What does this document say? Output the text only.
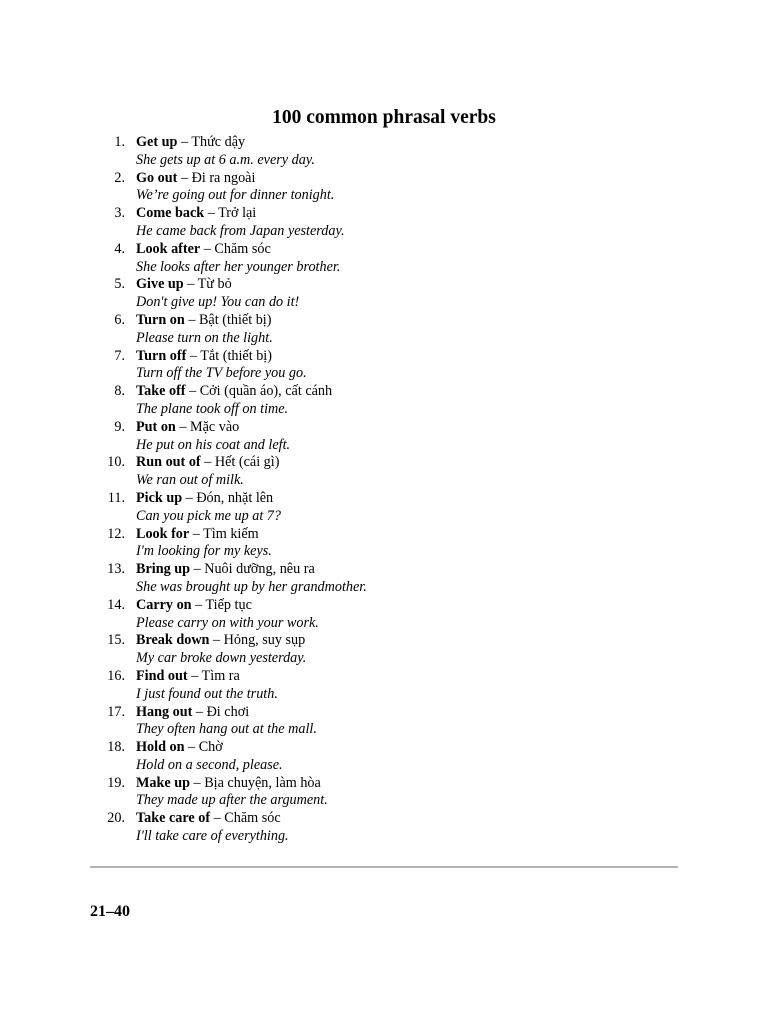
100 common phrasal verbs
1. Get up – Thức dậy
She gets up at 6 a.m. every day.
2. Go out – Đi ra ngoài
We’re going out for dinner tonight.
3. Come back – Trở lại
He came back from Japan yesterday.
4. Look after – Chăm sóc
She looks after her younger brother.
5. Give up – Từ bỏ
Don't give up! You can do it!
6. Turn on – Bật (thiết bị)
Please turn on the light.
7. Turn off – Tắt (thiết bị)
Turn off the TV before you go.
8. Take off – Cởi (quần áo), cất cánh
The plane took off on time.
9. Put on – Mặc vào
He put on his coat and left.
10. Run out of – Hết (cái gì)
We ran out of milk.
11. Pick up – Đón, nhặt lên
Can you pick me up at 7?
12. Look for – Tìm kiếm
I'm looking for my keys.
13. Bring up – Nuôi dưỡng, nêu ra
She was brought up by her grandmother.
14. Carry on – Tiếp tục
Please carry on with your work.
15. Break down – Hỏng, suy sụp
My car broke down yesterday.
16. Find out – Tìm ra
I just found out the truth.
17. Hang out – Đi chơi
They often hang out at the mall.
18. Hold on – Chờ
Hold on a second, please.
19. Make up – Bịa chuyện, làm hòa
They made up after the argument.
20. Take care of – Chăm sóc
I'll take care of everything.
21–40
